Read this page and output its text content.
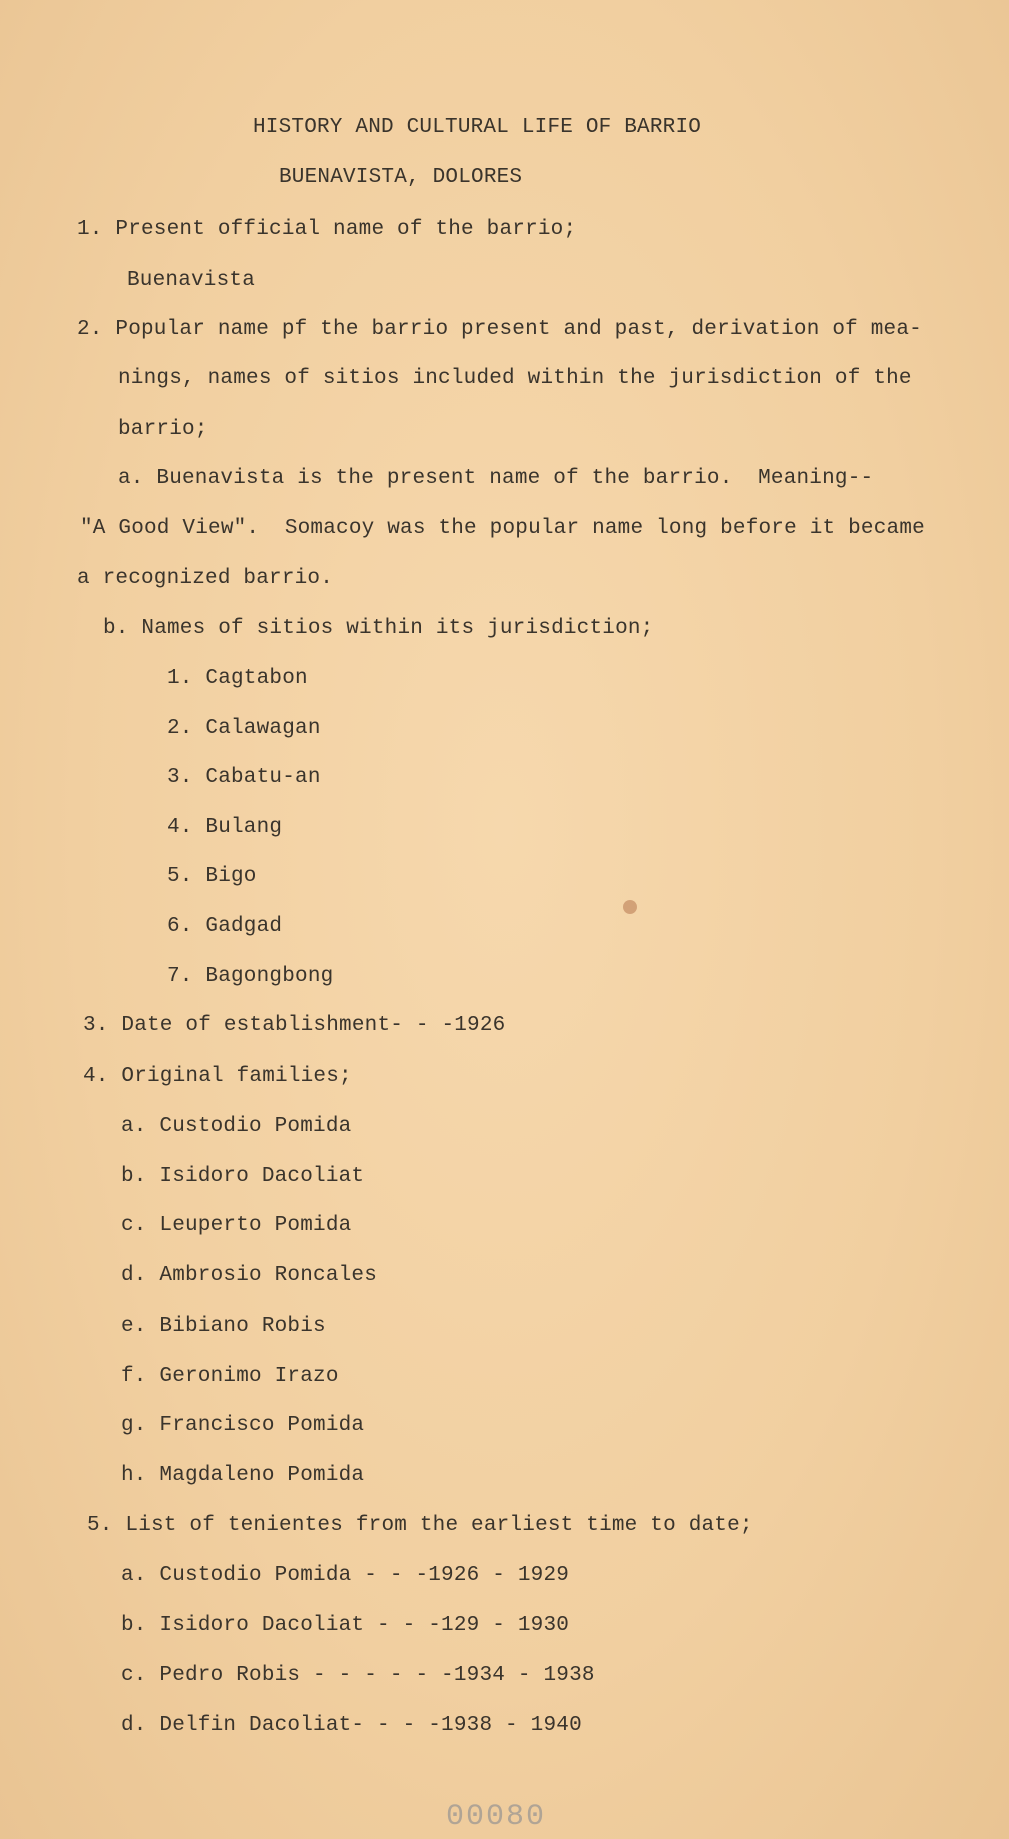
HISTORY AND CULTURAL LIFE OF BARRIO
BUENAVISTA, DOLORES
1. Present official name of the barrio;
Buenavista
2. Popular name pf the barrio present and past, derivation of mea-
nings, names of sitios included within the jurisdiction of the
barrio;
a. Buenavista is the present name of the barrio.  Meaning--
"A Good View".  Somacoy was the popular name long before it became
a recognized barrio.
b. Names of sitios within its jurisdiction;
1. Cagtabon
2. Calawagan
3. Cabatu-an
4. Bulang
5. Bigo
6. Gadgad
7. Bagongbong
3. Date of establishment- - -1926
4. Original families;
a. Custodio Pomida
b. Isidoro Dacoliat
c. Leuperto Pomida
d. Ambrosio Roncales
e. Bibiano Robis
f. Geronimo Irazo
g. Francisco Pomida
h. Magdaleno Pomida
5. List of tenientes from the earliest time to date;
a. Custodio Pomida - - -1926 - 1929
b. Isidoro Dacoliat - - -129 - 1930
c. Pedro Robis - - - - - -1934 - 1938
d. Delfin Dacoliat- - - -1938 - 1940
00080
